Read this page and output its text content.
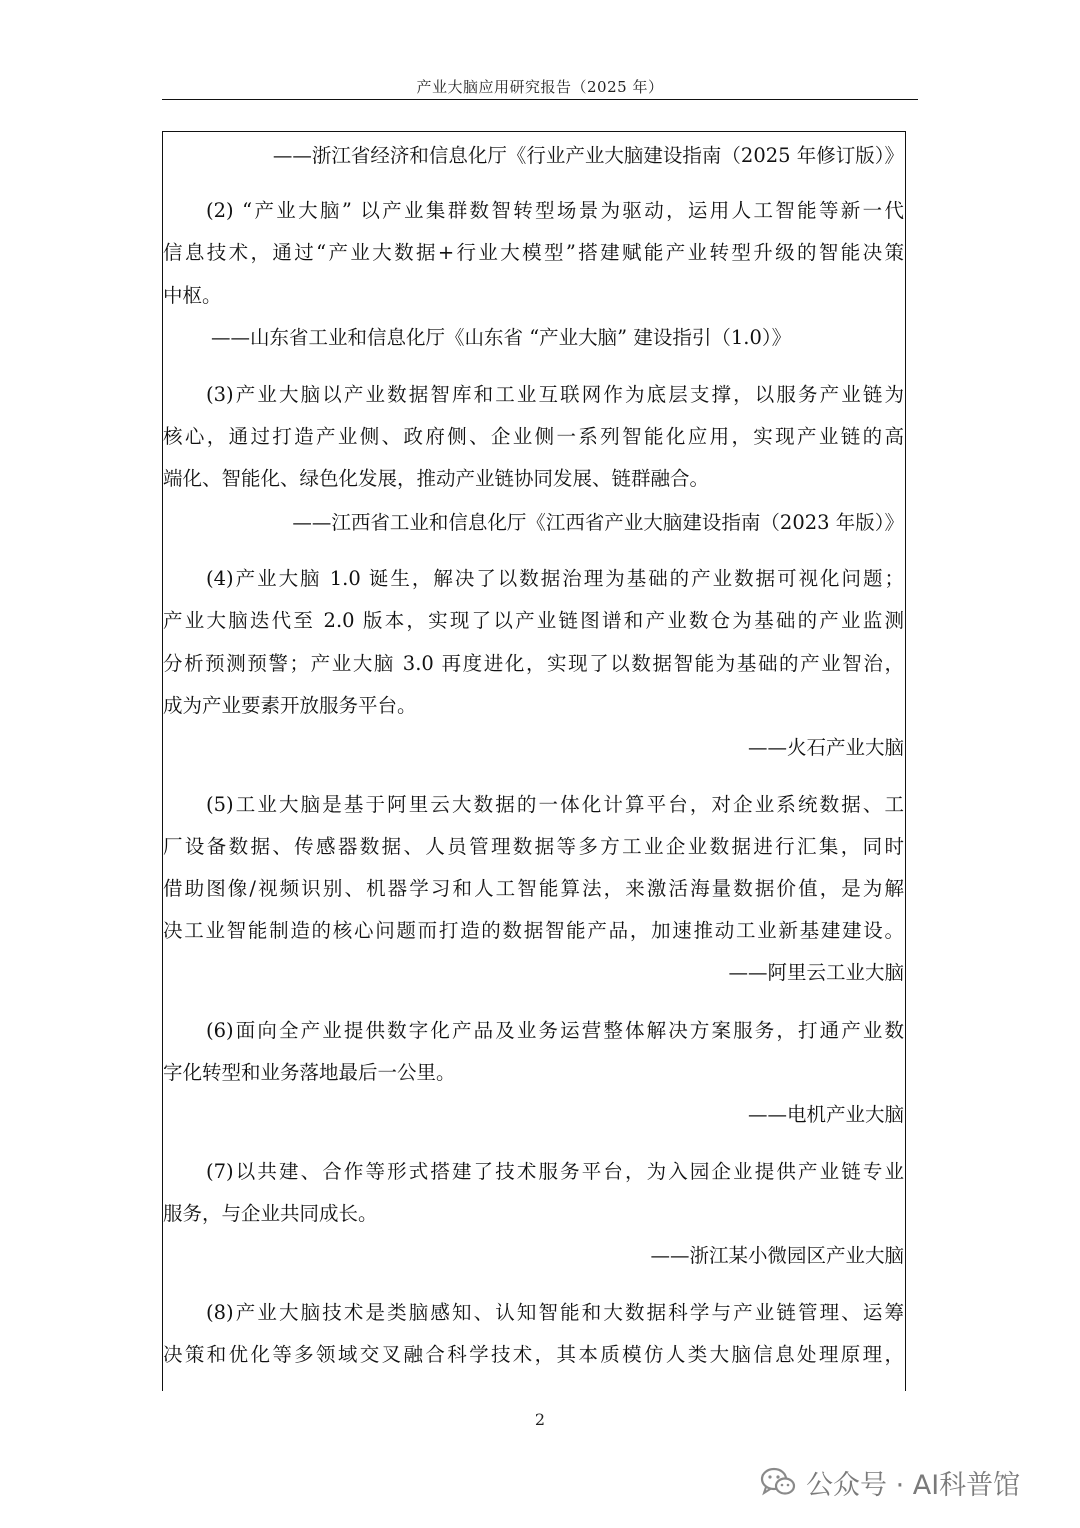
产业大脑应用研究报告（2025 年）
——浙江省经济和信息化厅《行业产业大脑建设指南（2025 年修订版）》
(2) “产业大脑” 以产业集群数智转型场景为驱动，运用人工智能等新一代
信息技术，通过“产业大数据+行业大模型”搭建赋能产业转型升级的智能决策
中枢。
——山东省工业和信息化厅《山东省 “产业大脑” 建设指引（1.0）》
(3)产业大脑以产业数据智库和工业互联网作为底层支撑，以服务产业链为
核心，通过打造产业侧、政府侧、企业侧一系列智能化应用，实现产业链的高
端化、智能化、绿色化发展，推动产业链协同发展、链群融合。
——江西省工业和信息化厅《江西省产业大脑建设指南（2023 年版）》
(4)产业大脑 1.0 诞生，解决了以数据治理为基础的产业数据可视化问题；
产业大脑迭代至 2.0 版本，实现了以产业链图谱和产业数仓为基础的产业监测
分析预测预警；产业大脑 3.0 再度进化，实现了以数据智能为基础的产业智治，
成为产业要素开放服务平台。
——火石产业大脑
(5)工业大脑是基于阿里云大数据的一体化计算平台，对企业系统数据、工
厂设备数据、传感器数据、人员管理数据等多方工业企业数据进行汇集，同时
借助图像/视频识别、机器学习和人工智能算法，来激活海量数据价值，是为解
决工业智能制造的核心问题而打造的数据智能产品，加速推动工业新基建建设。
——阿里云工业大脑
(6)面向全产业提供数字化产品及业务运营整体解决方案服务，打通产业数
字化转型和业务落地最后一公里。
——电机产业大脑
(7)以共建、合作等形式搭建了技术服务平台，为入园企业提供产业链专业
服务，与企业共同成长。
——浙江某小微园区产业大脑
(8)产业大脑技术是类脑感知、认知智能和大数据科学与产业链管理、运筹
决策和优化等多领域交叉融合科学技术，其本质模仿人类大脑信息处理原理，
2
公众号 · AI科普馆
